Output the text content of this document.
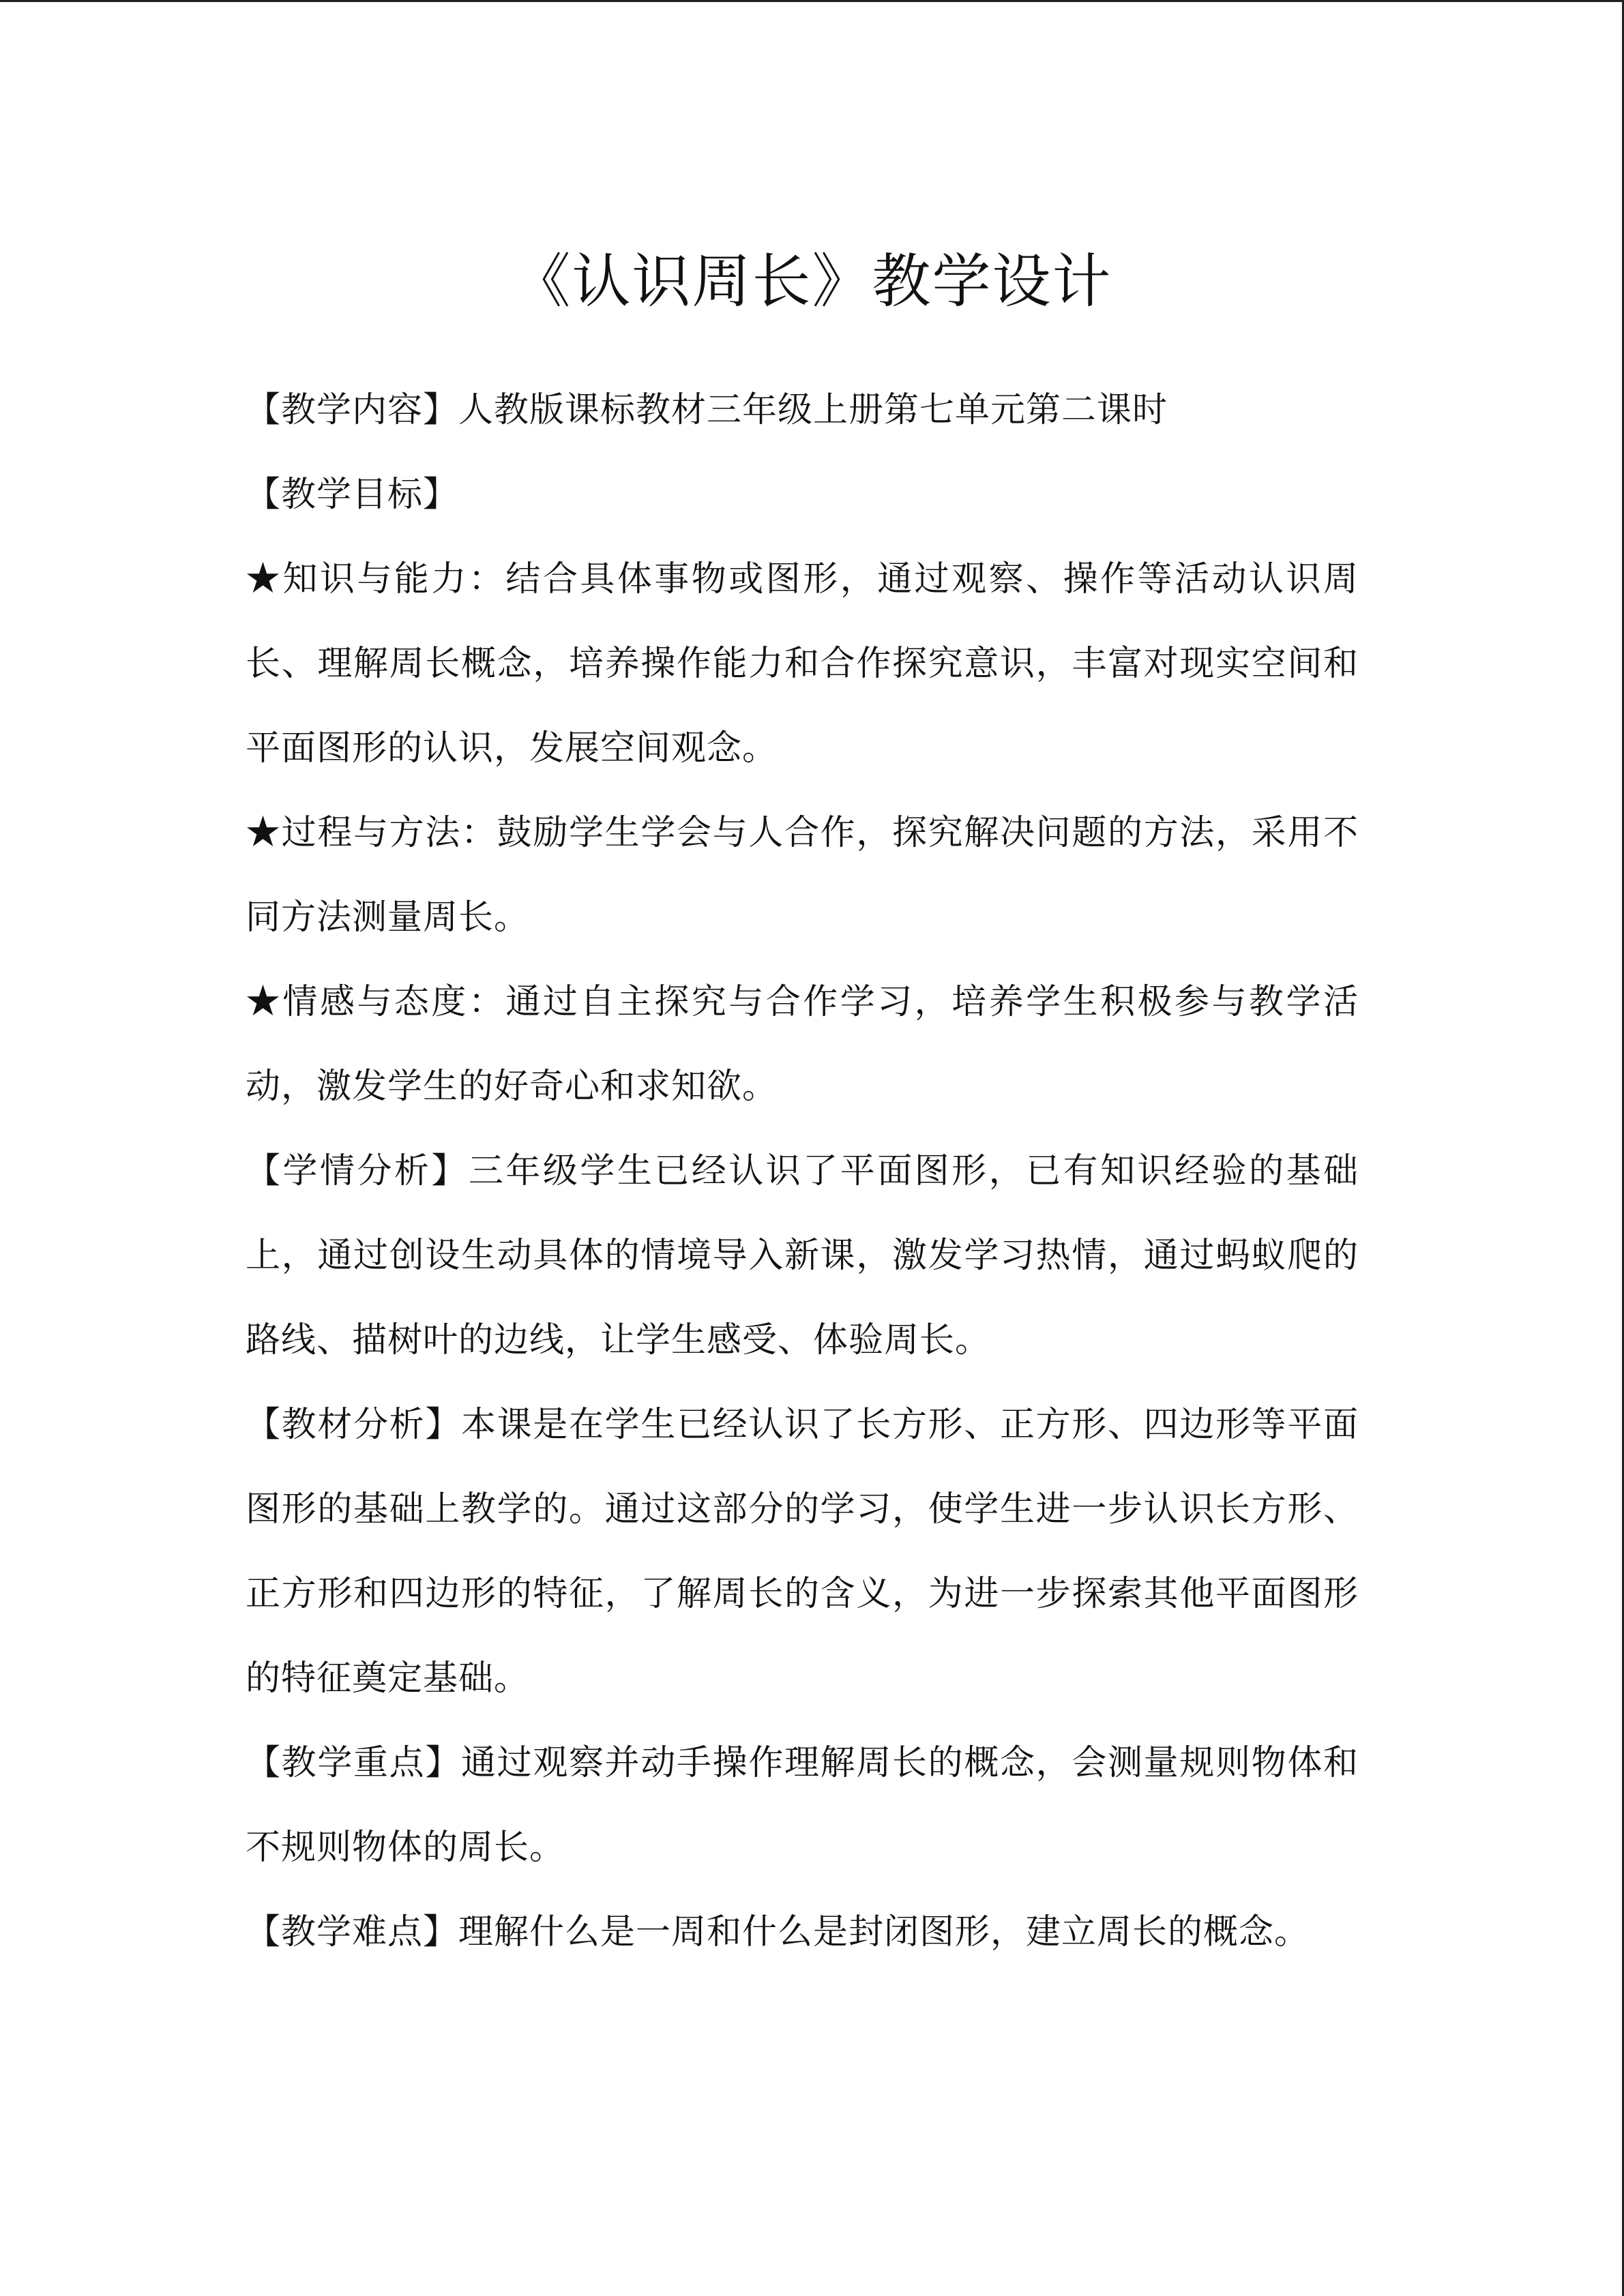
《认识周长》教学设计

【教学内容】人教版课标教材三年级上册第七单元第二课时

【教学目标】

★知识与能力：结合具体事物或图形，通过观察、操作等活动认识周长、理解周长概念，培养操作能力和合作探究意识，丰富对现实空间和平面图形的认识，发展空间观念。

★过程与方法：鼓励学生学会与人合作，探究解决问题的方法，采用不同方法测量周长。

★情感与态度：通过自主探究与合作学习，培养学生积极参与教学活动，激发学生的好奇心和求知欲。

【学情分析】三年级学生已经认识了平面图形，已有知识经验的基础上，通过创设生动具体的情境导入新课，激发学习热情，通过蚂蚁爬的路线、描树叶的边线，让学生感受、体验周长。

【教材分析】本课是在学生已经认识了长方形、正方形、四边形等平面图形的基础上教学的。通过这部分的学习，使学生进一步认识长方形、正方形和四边形的特征，了解周长的含义，为进一步探索其他平面图形的特征奠定基础。

【教学重点】通过观察并动手操作理解周长的概念，会测量规则物体和不规则物体的周长。

【教学难点】理解什么是一周和什么是封闭图形，建立周长的概念。
